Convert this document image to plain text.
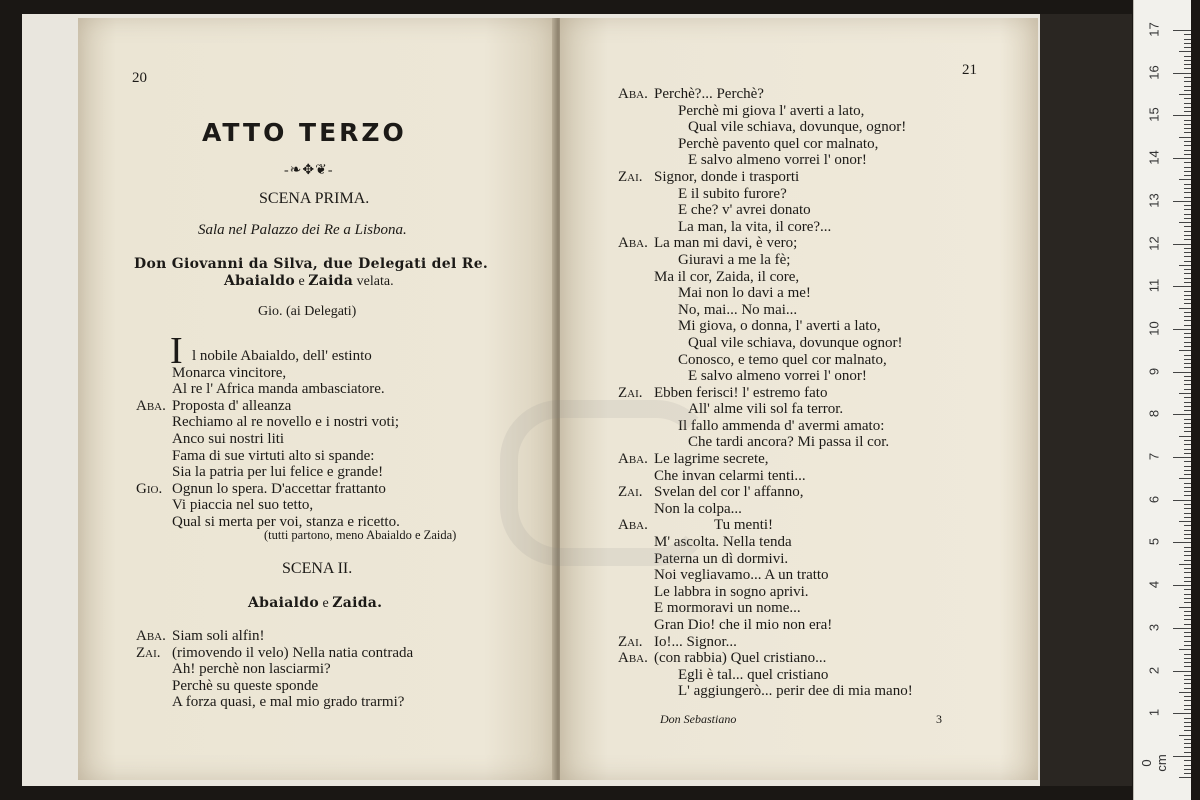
20
ATTO TERZO
-❧✥❦-
SCENA PRIMA.
Sala nel Palazzo dei Re a Lisbona.
Don Giovanni da Silva, due Delegati del Re.
Abaialdo e Zaida velata.
Gio. (ai Delegati)
I l nobile Abaialdo, dell' estinto
Monarca vincitore,
Al re l' Africa manda ambasciatore.
Aba. Proposta d' alleanza
Rechiamo al re novello e i nostri voti;
Anco sui nostri liti
Fama di sue virtuti alto si spande:
Sia la patria per lui felice e grande!
Gio. Ognun lo spera. D'accettar frattanto
Vi piaccia nel suo tetto,
Qual si merta per voi, stanza e ricetto.
(tutti partono, meno Abaialdo e Zaida)
SCENA II.
Abaialdo e Zaida.
Aba. Siam soli alfin!
Zai. (rimovendo il velo) Nella natia contrada
Ah! perchè non lasciarmi?
Perchè su queste sponde
A forza quasi, e mal mio grado trarmi?
21
Aba. Perchè?... Perchè?
Perchè mi giova l' averti a lato,
Qual vile schiava, dovunque, ognor!
Perchè pavento quel cor malnato,
E salvo almeno vorrei l' onor!
Zai. Signor, donde i trasporti
E il subito furore?
E che? v' avrei donato
La man, la vita, il core?...
Aba. La man mi davi, è vero;
Giuravi a me la fè;
Ma il cor, Zaida, il core,
Mai non lo davi a me!
No, mai... No mai...
Mi giova, o donna, l' averti a lato,
Qual vile schiava, dovunque ognor!
Conosco, e temo quel cor malnato,
E salvo almeno vorrei l' onor!
Zai. Ebben ferisci! l' estremo fato
All' alme vili sol fa terror.
Il fallo ammenda d' avermi amato:
Che tardi ancora? Mi passa il cor.
Aba. Le lagrime secrete,
Che invan celarmi tenti...
Zai. Svelan del cor l' affanno,
Non la colpa...
Aba.	Tu menti!
M' ascolta. Nella tenda
Paterna un dì dormivi.
Noi vegliavamo... A un tratto
Le labbra in sogno aprivi.
E mormoravi un nome...
Gran Dio! che il mio non era!
Zai. Io!... Signor...
Aba. (con rabbia) Quel cristiano...
Egli è tal... quel cristiano
L' aggiungerò... perir dee di mia mano!
Don Sebastiano	3
17
16
15
14
13
12
11
10
9
8
7
6
5
4
3
2
1
0 cm
